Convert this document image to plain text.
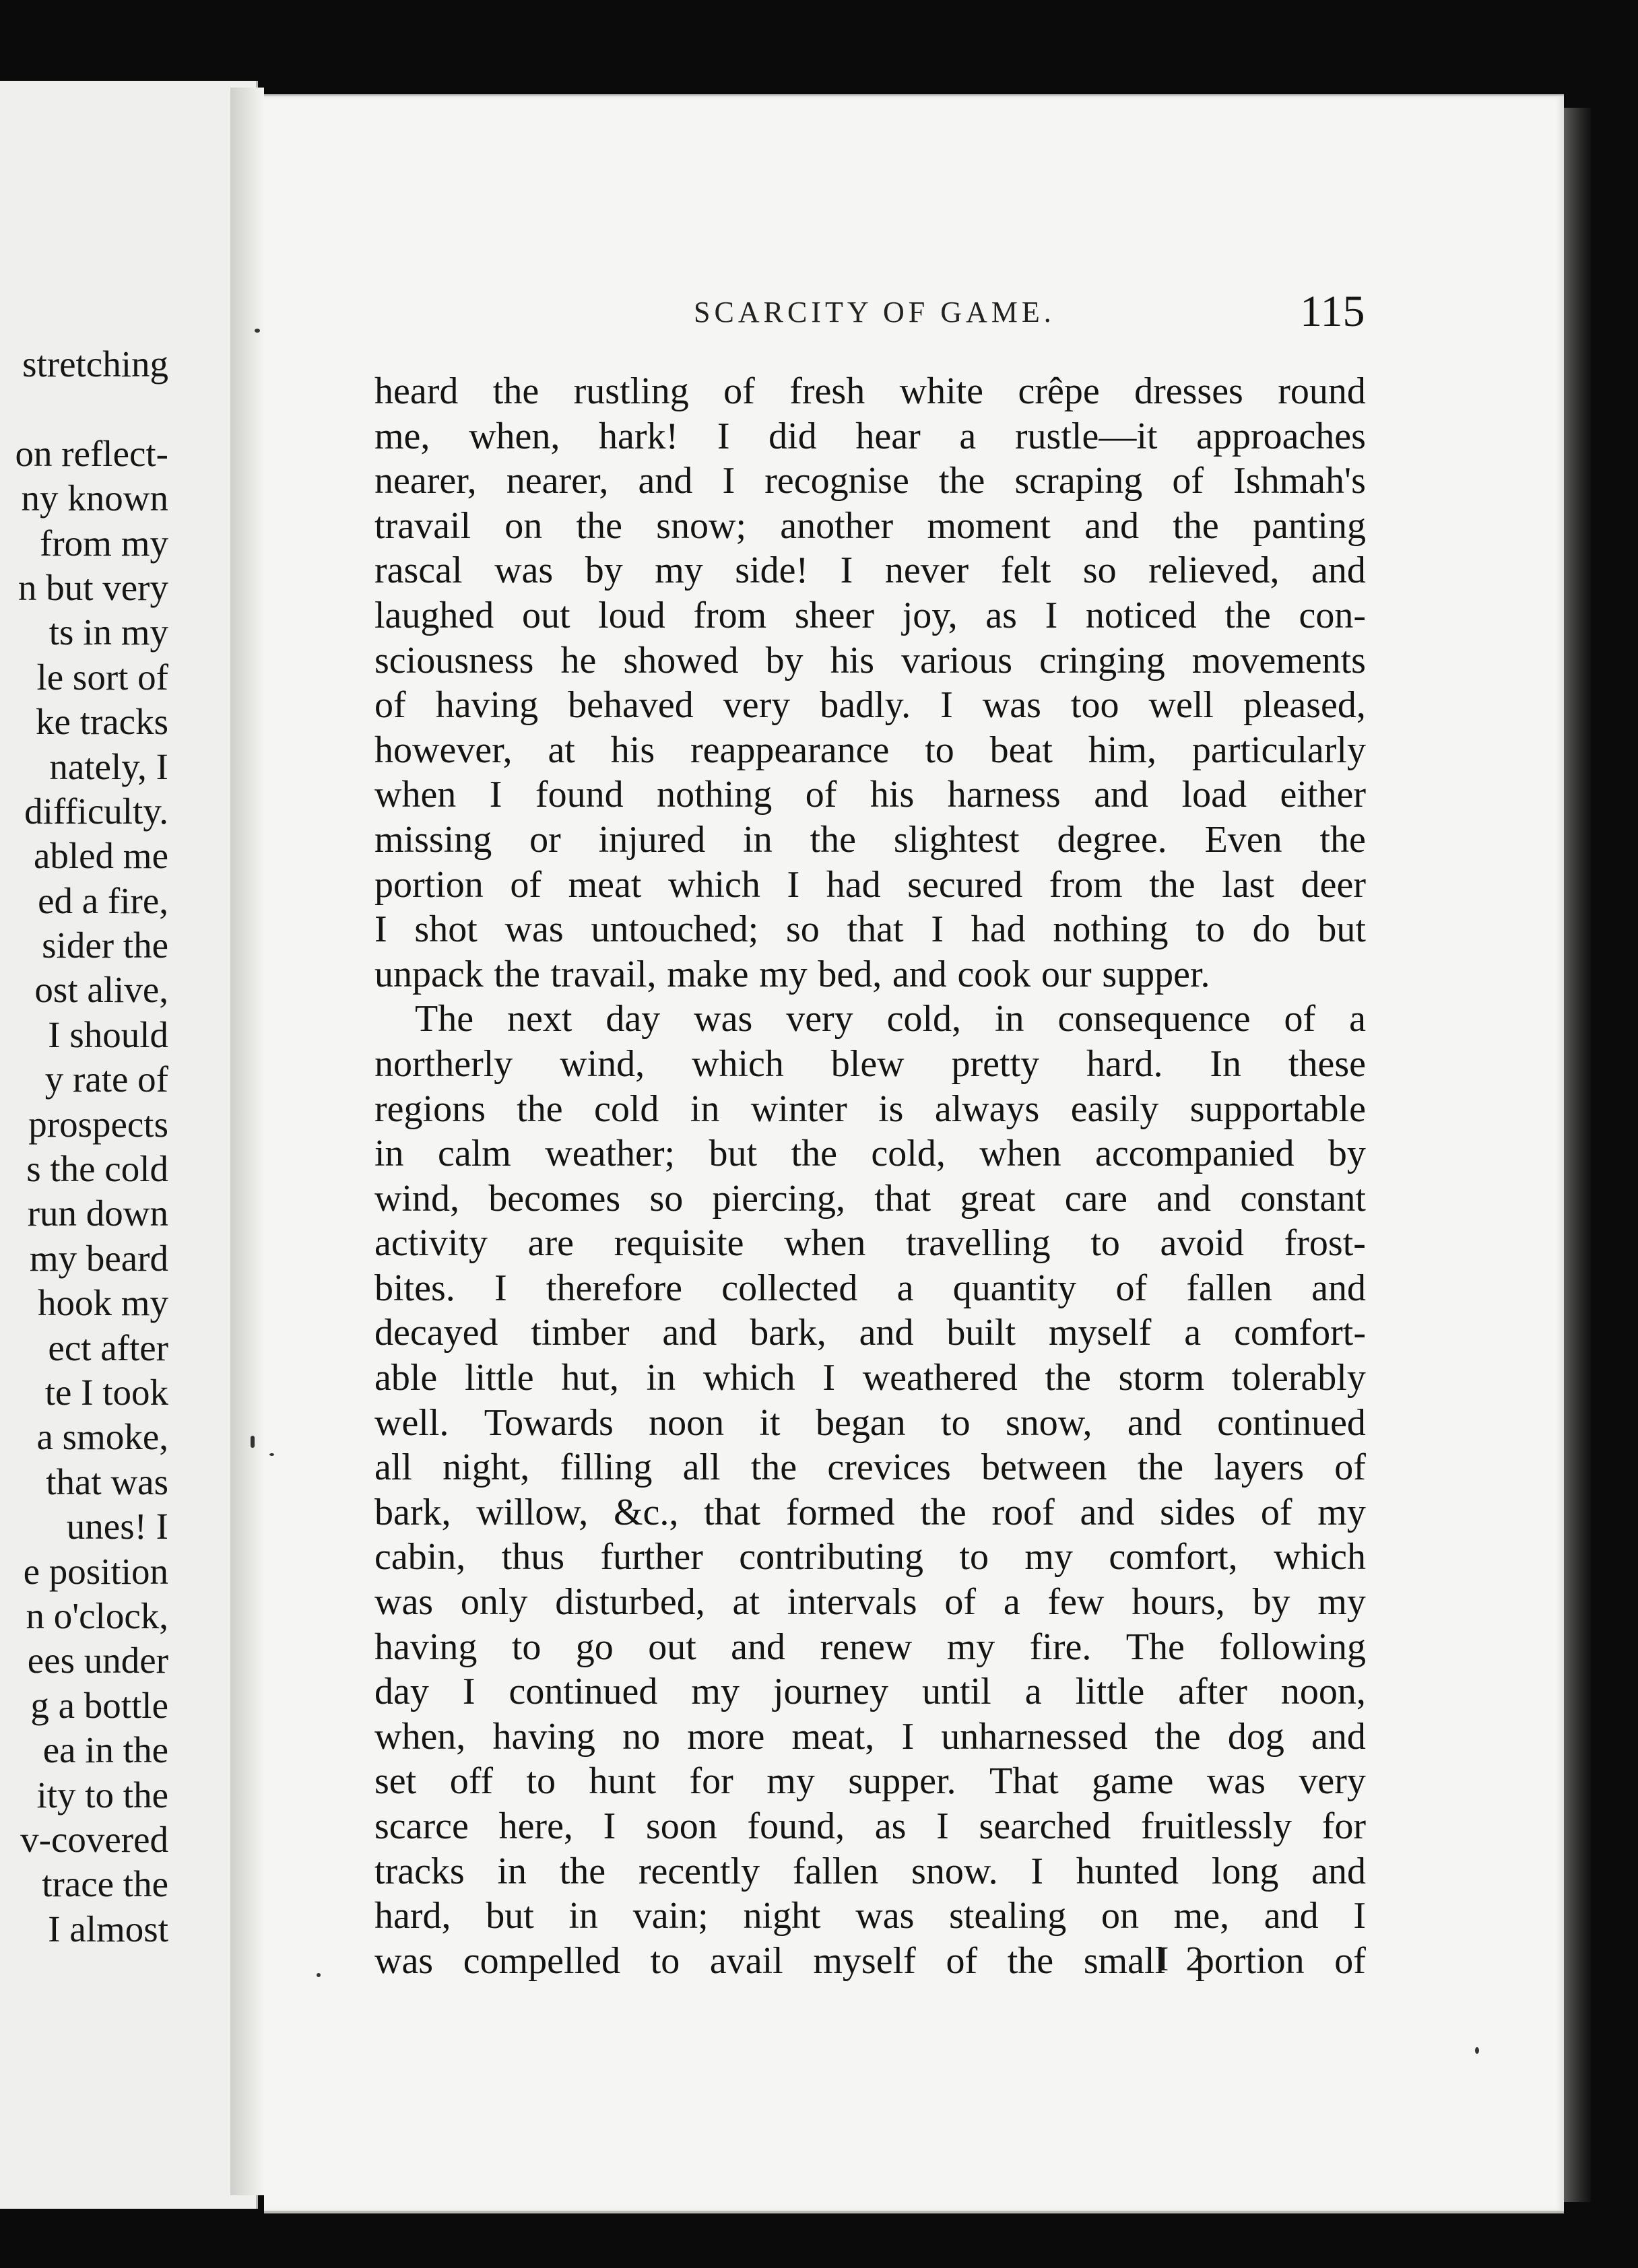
stretching
on reflect-
ny known
from my
n but very
ts in my
le sort of
ke tracks
nately, I
difficulty.
abled me
ed a fire,
sider the
ost alive,
I should
y rate of
prospects
s the cold
run down
my beard
hook my
ect after
te I took
a smoke,
that was
unes! I
e position
n o'clock,
ees under
g a bottle
ea in the
ity to the
v-covered
trace the
I almost
SCARCITY OF GAME.	115
heard the rustling of fresh white crêpe dresses round
me, when, hark! I did hear a rustle—it approaches
nearer, nearer, and I recognise the scraping of Ishmah's
travail on the snow; another moment and the panting
rascal was by my side! I never felt so relieved, and
laughed out loud from sheer joy, as I noticed the con-
sciousness he showed by his various cringing movements
of having behaved very badly. I was too well pleased,
however, at his reappearance to beat him, particularly
when I found nothing of his harness and load either
missing or injured in the slightest degree. Even the
portion of meat which I had secured from the last deer
I shot was untouched; so that I had nothing to do but
unpack the travail, make my bed, and cook our supper.
The next day was very cold, in consequence of a
northerly wind, which blew pretty hard. In these
regions the cold in winter is always easily supportable
in calm weather; but the cold, when accompanied by
wind, becomes so piercing, that great care and constant
activity are requisite when travelling to avoid frost-
bites. I therefore collected a quantity of fallen and
decayed timber and bark, and built myself a comfort-
able little hut, in which I weathered the storm tolerably
well. Towards noon it began to snow, and continued
all night, filling all the crevices between the layers of
bark, willow, &c., that formed the roof and sides of my
cabin, thus further contributing to my comfort, which
was only disturbed, at intervals of a few hours, by my
having to go out and renew my fire. The following
day I continued my journey until a little after noon,
when, having no more meat, I unharnessed the dog and
set off to hunt for my supper. That game was very
scarce here, I soon found, as I searched fruitlessly for
tracks in the recently fallen snow. I hunted long and
hard, but in vain; night was stealing on me, and I
was compelled to avail myself of the small portion of
I 2
